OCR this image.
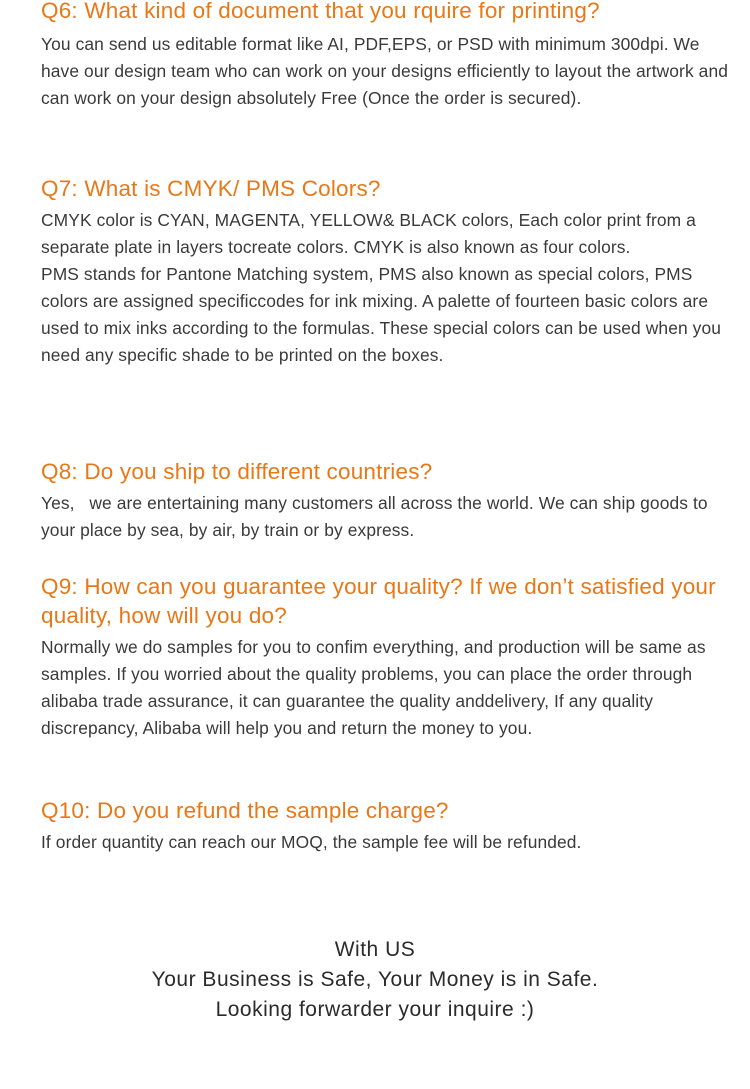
Q6: What kind of document that you rquire for printing?

You can send us editable format like AI, PDF,EPS, or PSD with minimum 300dpi. We have our design team who can work on your designs efficiently to layout the artwork and can work on your design absolutely Free (Once the order is secured).

Q7: What is CMYK/ PMS Colors?

CMYK color is CYAN, MAGENTA, YELLOW& BLACK colors, Each color print from a separate plate in layers tocreate colors. CMYK is also known as four colors.

PMS stands for Pantone Matching system, PMS also known as special colors, PMS colors are assigned specificcodes for ink mixing. A palette of fourteen basic colors are used to mix inks according to the formulas. These special colors can be used when you need any specific shade to be printed on the boxes.

Q8: Do you ship to different countries?

Yes,   we are entertaining many customers all across the world. We can ship goods to your place by sea, by air, by train or by express.

Q9: How can you guarantee your quality? If we don’t satisfied your quality, how will you do?

Normally we do samples for you to confim everything, and production will be same as samples. If you worried about the quality problems, you can place the order through alibaba trade assurance, it can guarantee the quality anddelivery, If any quality discrepancy, Alibaba will help you and return the money to you.

Q10: Do you refund the sample charge?

If order quantity can reach our MOQ, the sample fee will be refunded.

With US
Your Business is Safe, Your Money is in Safe.
Looking forwarder your inquire :)
